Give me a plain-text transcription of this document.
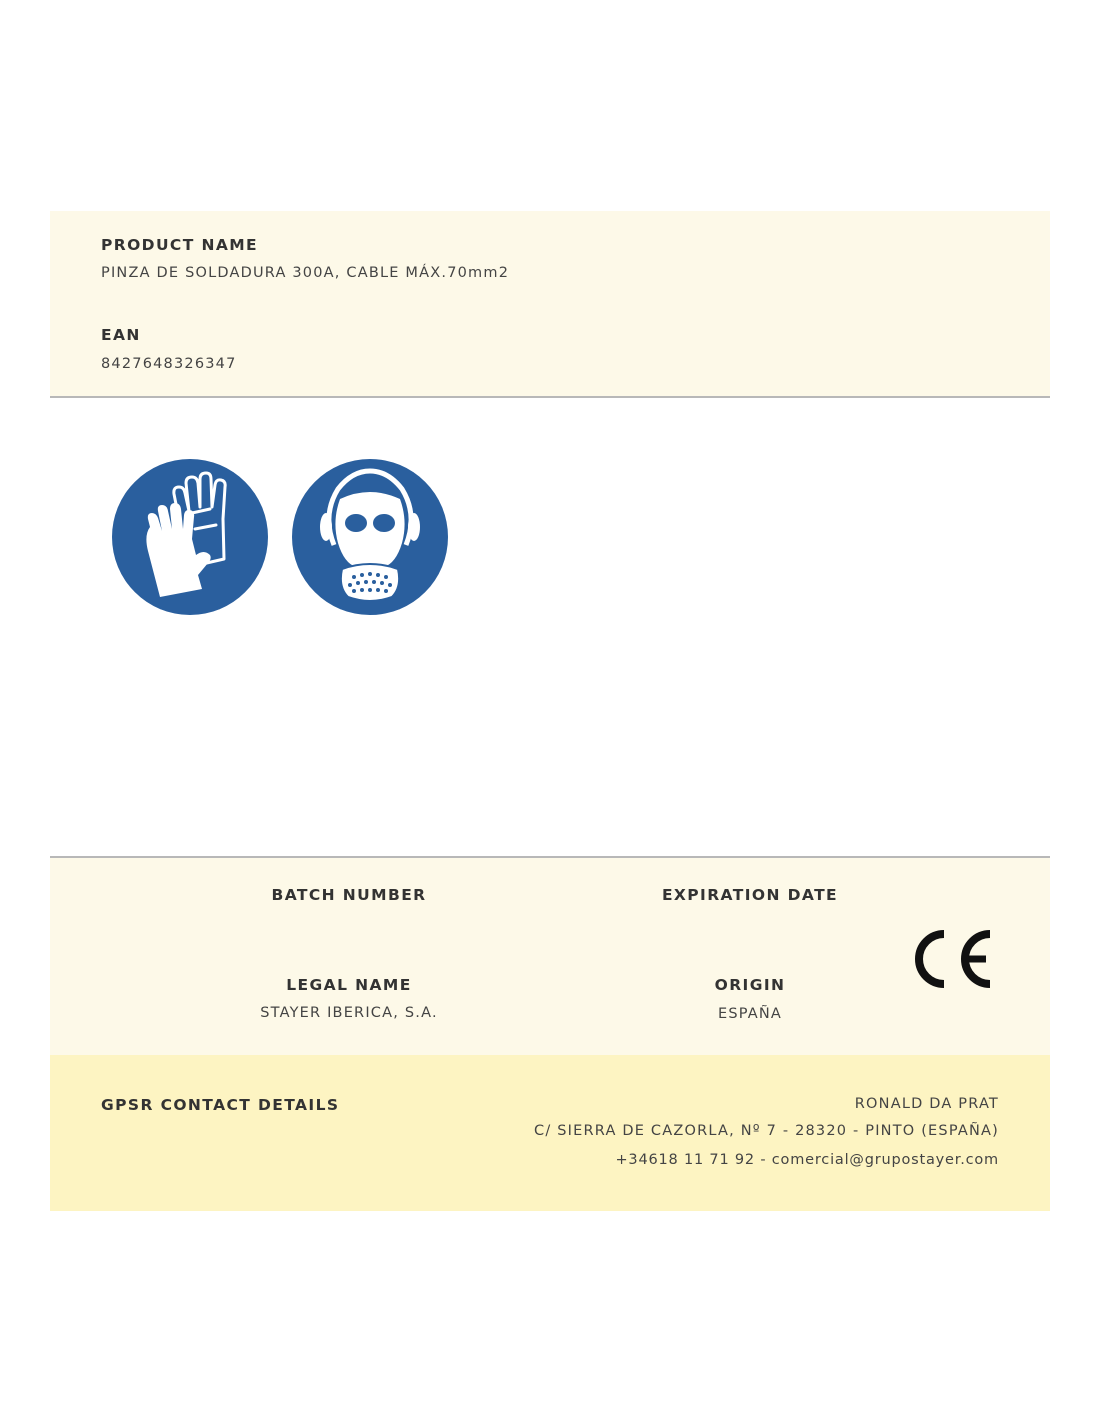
PRODUCT NAME
PINZA DE SOLDADURA 300A, CABLE MÁX.70mm2
EAN
8427648326347
BATCH NUMBER	EXPIRATION DATE
LEGAL NAME
STAYER IBERICA, S.A.
ORIGIN
ESPAÑA
GPSR CONTACT DETAILS	RONALD DA PRAT
C/ SIERRA DE CAZORLA, Nº 7 - 28320 - PINTO (ESPAÑA)
+34618 11 71 92 - comercial@grupostayer.com
